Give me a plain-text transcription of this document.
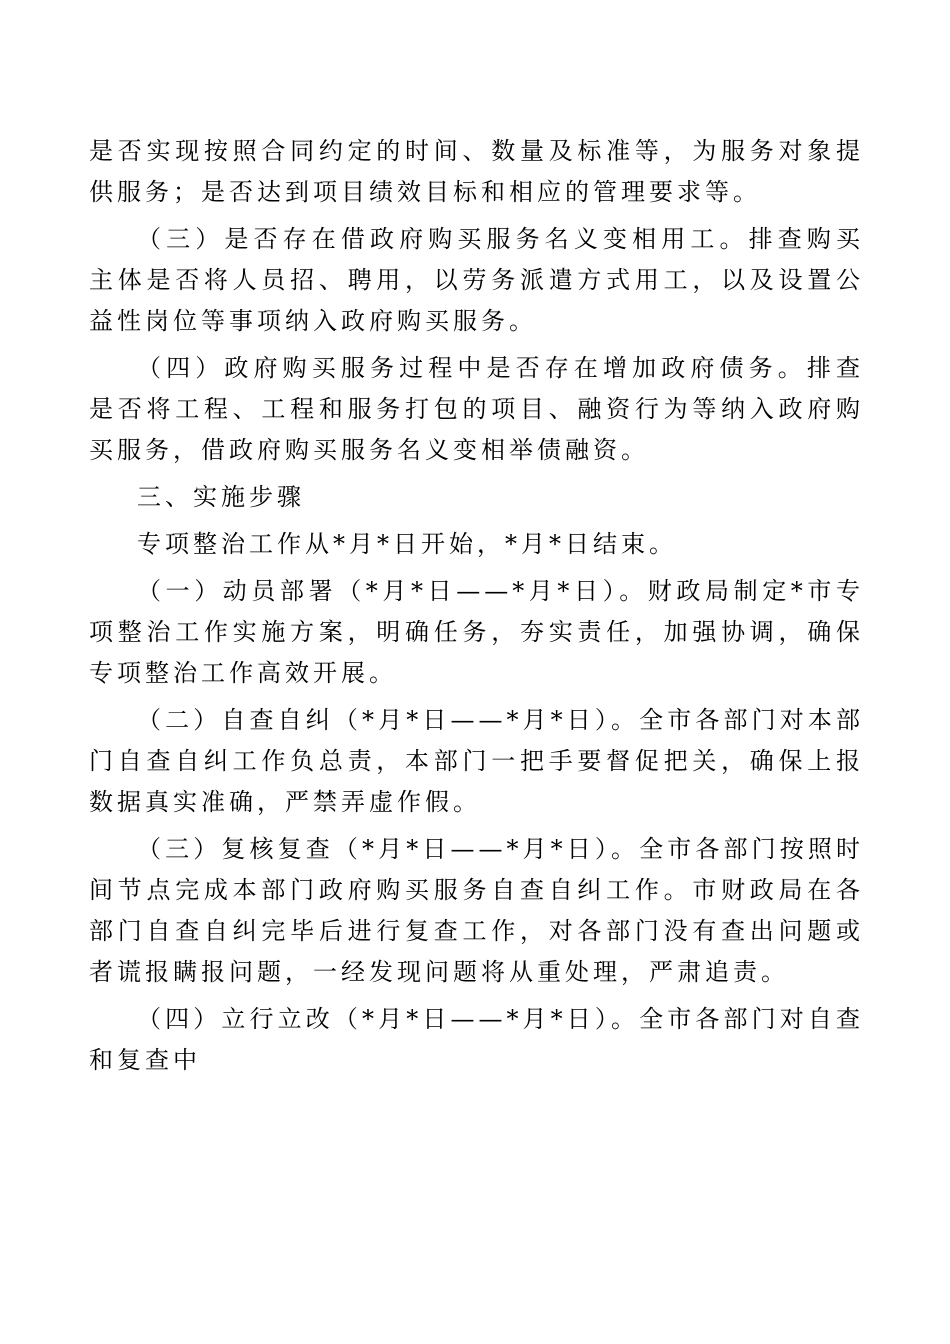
是否实现按照合同约定的时间、数量及标准等，为服务对象提供服务；是否达到项目绩效目标和相应的管理要求等。

（三）是否存在借政府购买服务名义变相用工。排查购买主体是否将人员招、聘用，以劳务派遣方式用工，以及设置公益性岗位等事项纳入政府购买服务。

（四）政府购买服务过程中是否存在增加政府债务。排查是否将工程、工程和服务打包的项目、融资行为等纳入政府购买服务，借政府购买服务名义变相举债融资。

三、实施步骤

专项整治工作从*月*日开始，*月*日结束。

（一）动员部署（*月*日——*月*日）。财政局制定*市专项整治工作实施方案，明确任务，夯实责任，加强协调，确保专项整治工作高效开展。

（二）自查自纠（*月*日——*月*日）。全市各部门对本部门自查自纠工作负总责，本部门一把手要督促把关，确保上报数据真实准确，严禁弄虚作假。

（三）复核复查（*月*日——*月*日）。全市各部门按照时间节点完成本部门政府购买服务自查自纠工作。市财政局在各部门自查自纠完毕后进行复查工作，对各部门没有查出问题或者谎报瞒报问题，一经发现问题将从重处理，严肃追责。

（四）立行立改（*月*日——*月*日）。全市各部门对自查和复查中
